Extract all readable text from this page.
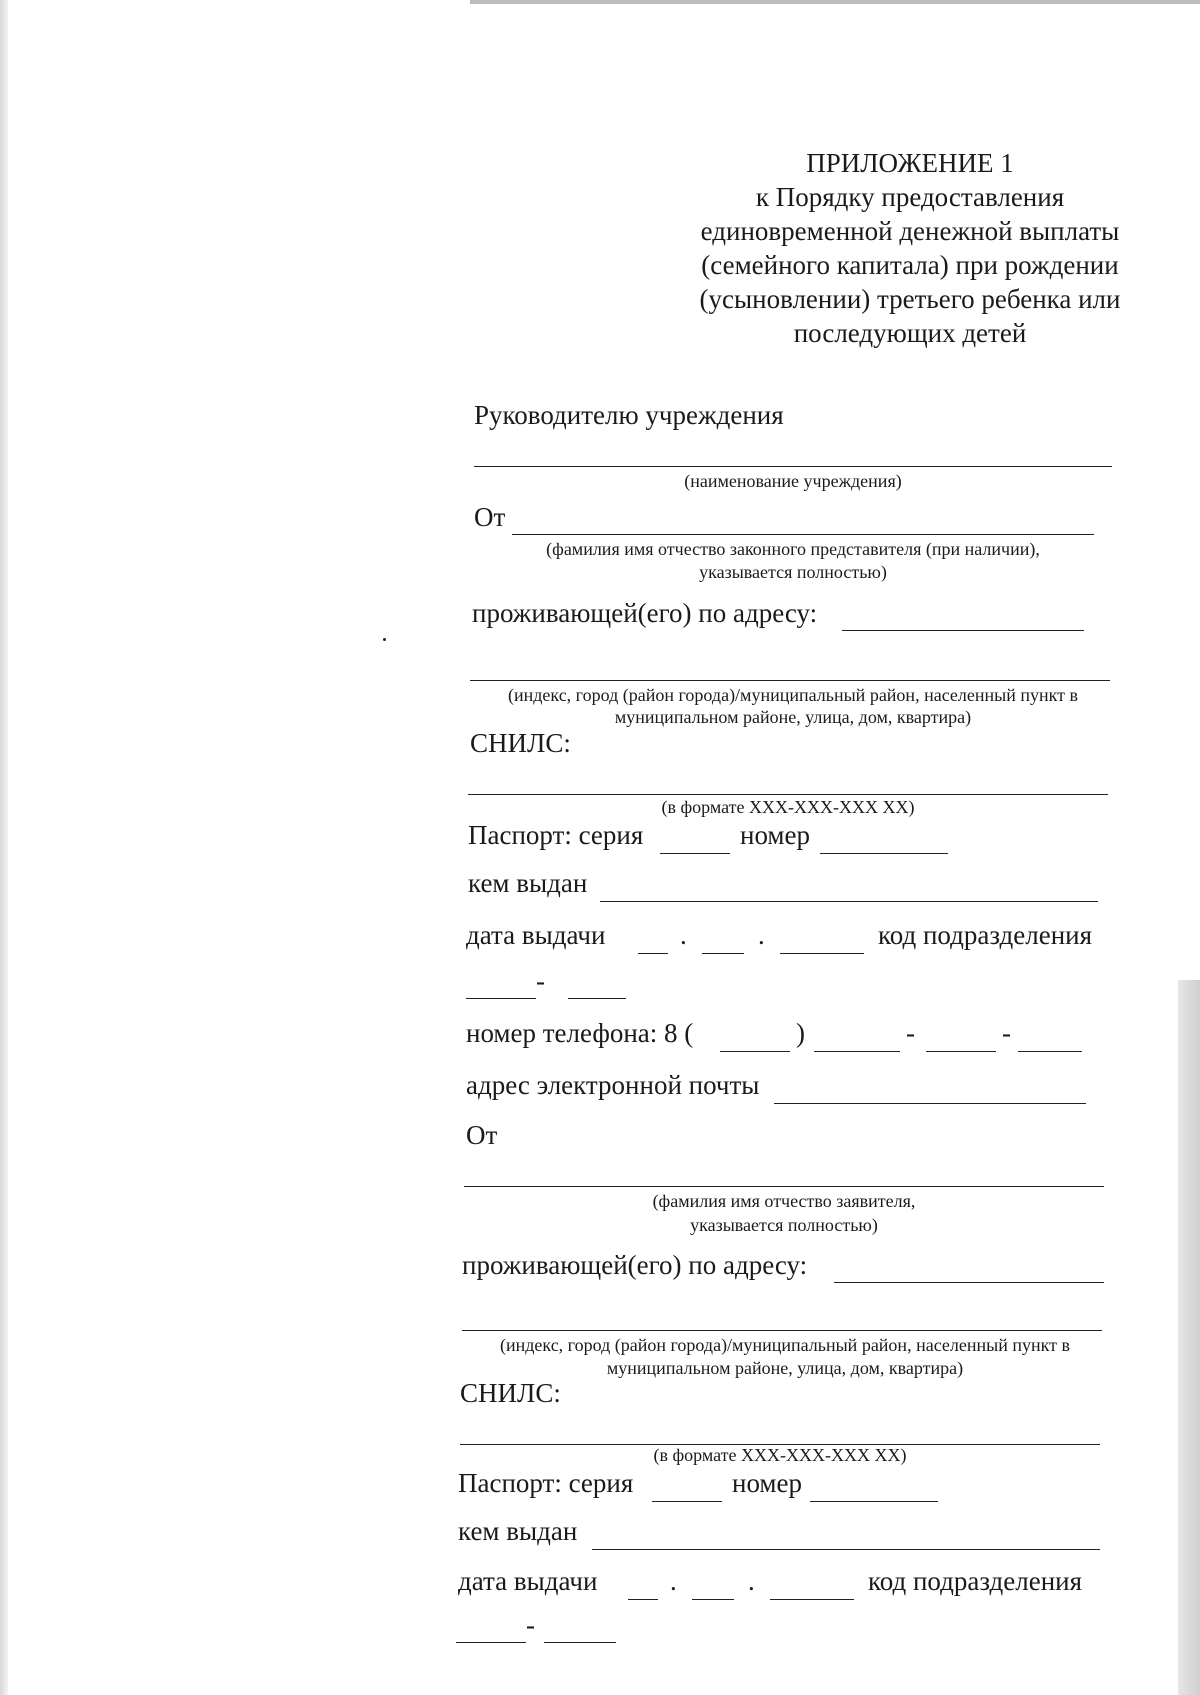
ПРИЛОЖЕНИЕ 1
к Порядку предоставления
единовременной денежной выплаты
(семейного капитала) при рождении
(усыновлении) третьего ребенка или
последующих детей
Руководителю учреждения
(наименование учреждения)
От
(фамилия имя отчество законного представителя (при наличии),
указывается полностью)
проживающей(его) по адресу:
(индекс, город (район города)/муниципальный район, населенный пункт в
муниципальном районе, улица, дом, квартира)
СНИЛС:
(в формате XXX-XXX-XXX XX)
Паспорт: серия	номер
кем выдан
дата выдачи	.	.	код подразделения
-
номер телефона: 8 (	)	-	-
адрес электронной почты
От
(фамилия имя отчество заявителя,
указывается полностью)
проживающей(его) по адресу:
(индекс, город (район города)/муниципальный район, населенный пункт в
муниципальном районе, улица, дом, квартира)
СНИЛС:
(в формате XXX-XXX-XXX XX)
Паспорт: серия	номер
кем выдан
дата выдачи	.	.	код подразделения
-
